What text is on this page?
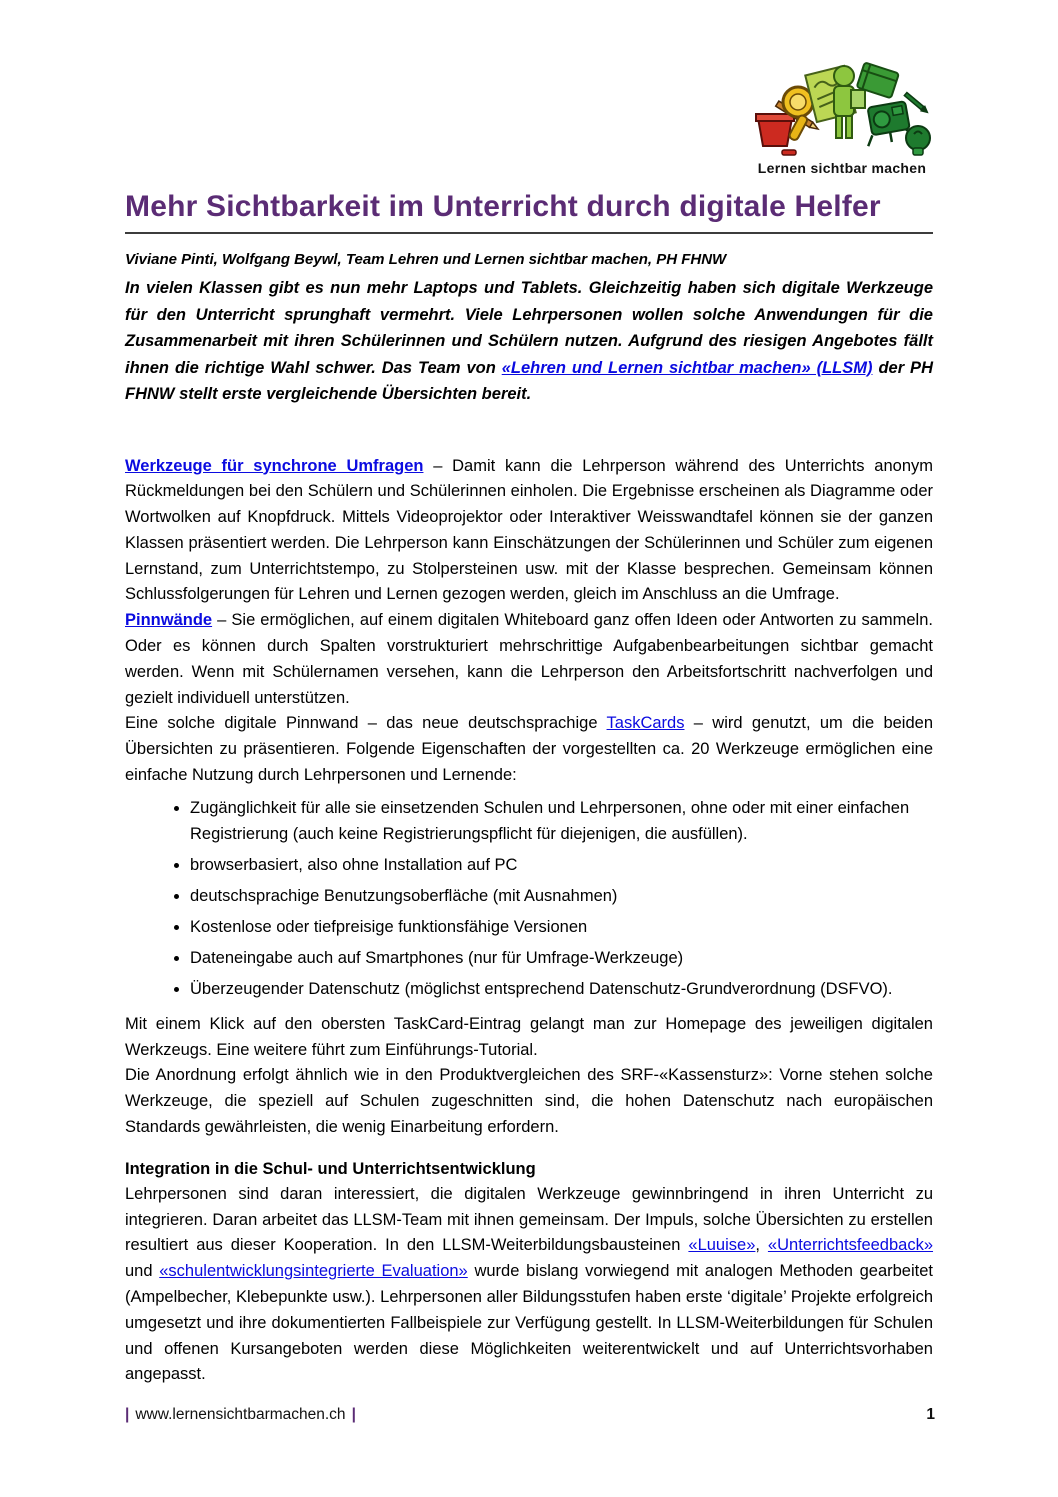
Lernen sichtbar machen
Mehr Sichtbarkeit im Unterricht durch digitale Helfer

Viviane Pinti, Wolfgang Beywl, Team Lehren und Lernen sichtbar machen, PH FHNW

In vielen Klassen gibt es nun mehr Laptops und Tablets. Gleichzeitig haben sich digitale Werkzeuge für den Unterricht sprunghaft vermehrt. Viele Lehrpersonen wollen solche Anwendungen für die Zusammenarbeit mit ihren Schülerinnen und Schülern nutzen. Aufgrund des riesigen Angebotes fällt ihnen die richtige Wahl schwer. Das Team von «Lehren und Lernen sichtbar machen» (LLSM) der PH FHNW stellt erste vergleichende Übersichten bereit.

Werkzeuge für synchrone Umfragen – Damit kann die Lehrperson während des Unterrichts anonym Rückmeldungen bei den Schülern und Schülerinnen einholen. Die Ergebnisse erscheinen als Diagramme oder Wortwolken auf Knopfdruck. Mittels Videoprojektor oder Interaktiver Weisswandtafel können sie der ganzen Klassen präsentiert werden. Die Lehrperson kann Einschätzungen der Schülerinnen und Schüler zum eigenen Lernstand, zum Unterrichtstempo, zu Stolpersteinen usw. mit der Klasse besprechen. Gemeinsam können Schlussfolgerungen für Lehren und Lernen gezogen werden, gleich im Anschluss an die Umfrage.

Pinnwände – Sie ermöglichen, auf einem digitalen Whiteboard ganz offen Ideen oder Antworten zu sammeln. Oder es können durch Spalten vorstrukturiert mehrschrittige Aufgabenbearbeitungen sichtbar gemacht werden. Wenn mit Schülernamen versehen, kann die Lehrperson den Arbeitsfortschritt nachverfolgen und gezielt individuell unterstützen.

Eine solche digitale Pinnwand – das neue deutschsprachige TaskCards – wird genutzt, um die beiden Übersichten zu präsentieren. Folgende Eigenschaften der vorgestellten ca. 20 Werkzeuge ermöglichen eine einfache Nutzung durch Lehrpersonen und Lernende:

• Zugänglichkeit für alle sie einsetzenden Schulen und Lehrpersonen, ohne oder mit einer einfachen Registrierung (auch keine Registrierungspflicht für diejenigen, die ausfüllen).
• browserbasiert, also ohne Installation auf PC
• deutschsprachige Benutzungsoberfläche (mit Ausnahmen)
• Kostenlose oder tiefpreisige funktionsfähige Versionen
• Dateneingabe auch auf Smartphones (nur für Umfrage-Werkzeuge)
• Überzeugender Datenschutz (möglichst entsprechend Datenschutz-Grundverordnung (DSFVO).

Mit einem Klick auf den obersten TaskCard-Eintrag gelangt man zur Homepage des jeweiligen digitalen Werkzeugs. Eine weitere führt zum Einführungs-Tutorial.

Die Anordnung erfolgt ähnlich wie in den Produktvergleichen des SRF-«Kassensturz»: Vorne stehen solche Werkzeuge, die speziell auf Schulen zugeschnitten sind, die hohen Datenschutz nach europäischen Standards gewährleisten, die wenig Einarbeitung erfordern.

Integration in die Schul- und Unterrichtsentwicklung

Lehrpersonen sind daran interessiert, die digitalen Werkzeuge gewinnbringend in ihren Unterricht zu integrieren. Daran arbeitet das LLSM-Team mit ihnen gemeinsam. Der Impuls, solche Übersichten zu erstellen resultiert aus dieser Kooperation. In den LLSM-Weiterbildungsbausteinen «Luuise», «Unterrichtsfeedback» und «schulentwicklungsintegrierte Evaluation» wurde bislang vorwiegend mit analogen Methoden gearbeitet (Ampelbecher, Klebepunkte usw.). Lehrpersonen aller Bildungsstufen haben erste ‘digitale’ Projekte erfolgreich umgesetzt und ihre dokumentierten Fallbeispiele zur Verfügung gestellt. In LLSM-Weiterbildungen für Schulen und offenen Kursangeboten werden diese Möglichkeiten weiterentwickelt und auf Unterrichtsvorhaben angepasst.

| www.lernensichtbarmachen.ch |	1
